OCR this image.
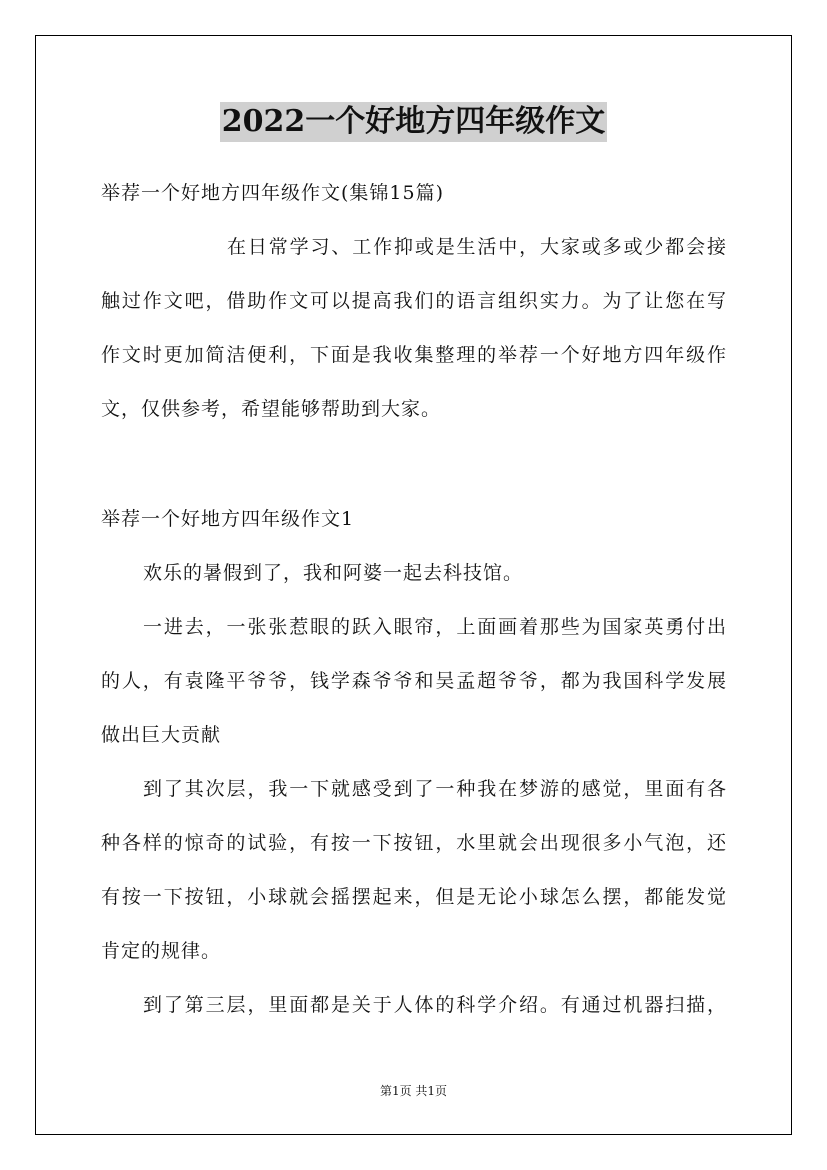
2022一个好地方四年级作文
举荐一个好地方四年级作文(集锦15篇)
在日常学习、工作抑或是生活中，大家或多或少都会接
触过作文吧，借助作文可以提高我们的语言组织实力。为了让您在写
作文时更加简洁便利，下面是我收集整理的举荐一个好地方四年级作
文，仅供参考，希望能够帮助到大家。
举荐一个好地方四年级作文1
欢乐的暑假到了，我和阿婆一起去科技馆。
一进去，一张张惹眼的跃入眼帘，上面画着那些为国家英勇付出
的人，有袁隆平爷爷，钱学森爷爷和吴孟超爷爷，都为我国科学发展
做出巨大贡献
到了其次层，我一下就感受到了一种我在梦游的感觉，里面有各
种各样的惊奇的试验，有按一下按钮，水里就会出现很多小气泡，还
有按一下按钮，小球就会摇摆起来，但是无论小球怎么摆，都能发觉
肯定的规律。
到了第三层，里面都是关于人体的科学介绍。有通过机器扫描，
第1页 共1页
